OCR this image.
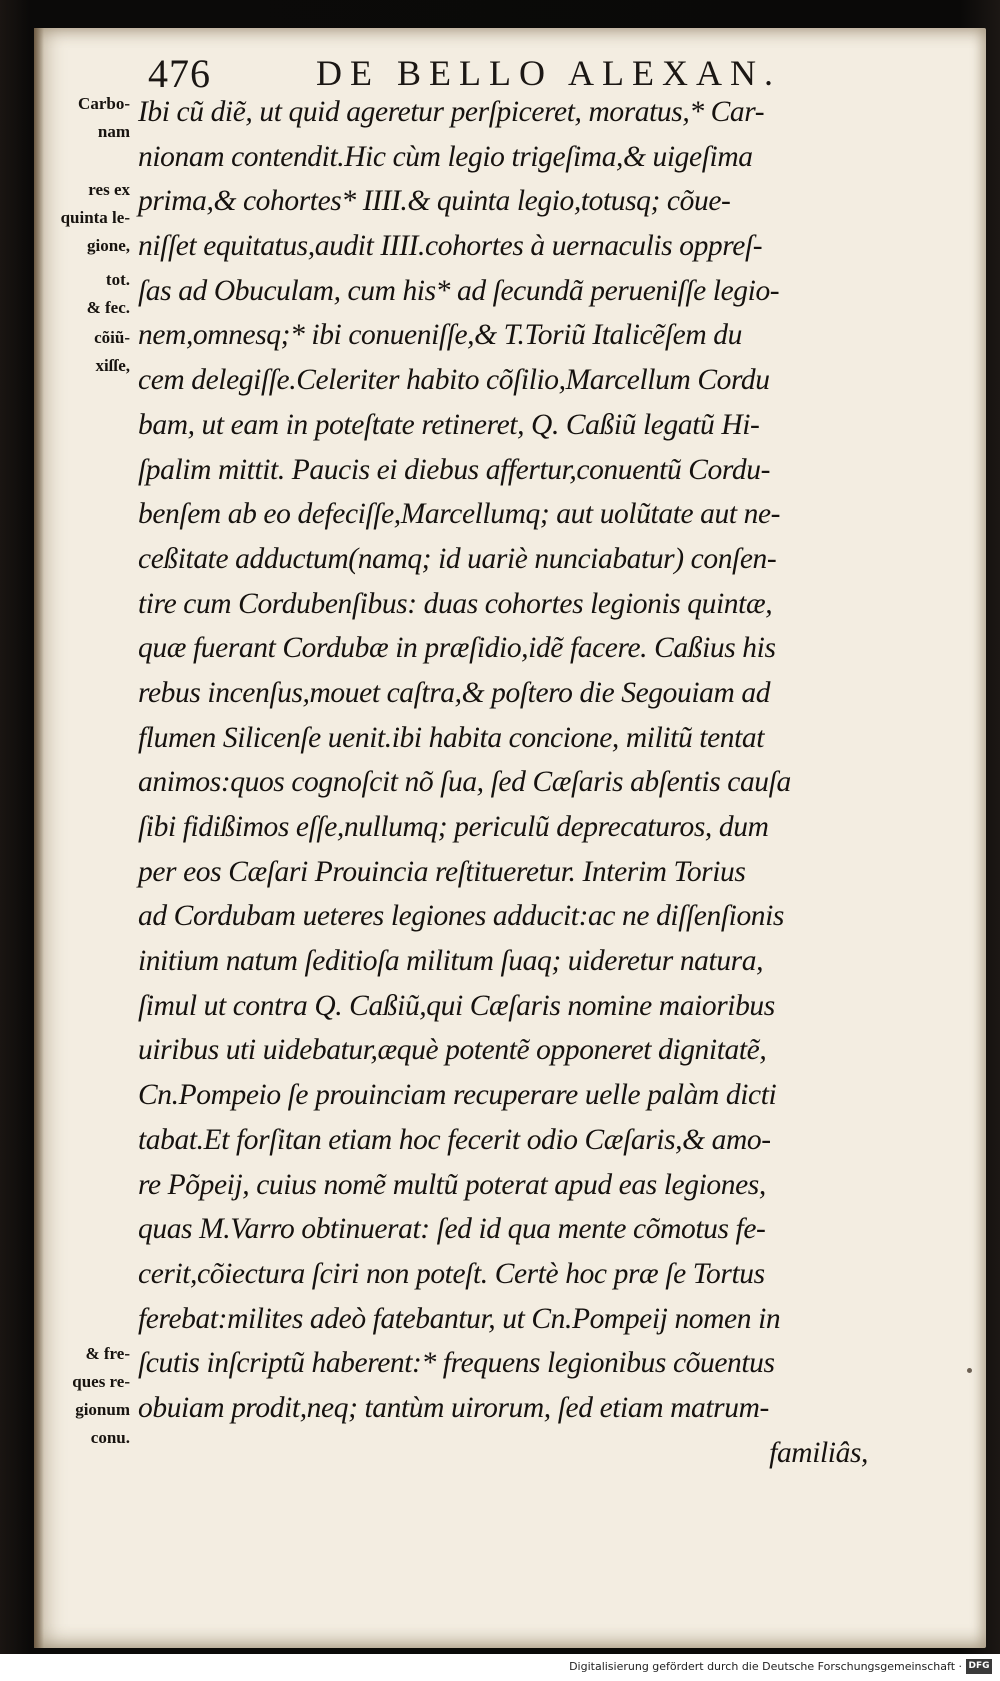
476	DE BELLO ALEXAN.
Carbo-
nam
res ex
quinta le-
gione,
tot.
& fec.
cõiũ-
xiſſe,
& fre-
ques re-
gionum
conu.
Ibi cũ diẽ, ut quid ageretur perſpiceret, moratus,* Car-
nionam contendit.Hic cùm legio trigeſima,& uigeſima
prima,& cohortes* IIII.& quinta legio,totusq; cõue-
niſſet equitatus,audit IIII.cohortes à uernaculis oppreſ-
ſas ad Obuculam, cum his* ad ſecundã perueniſſe legio-
nem,omnesq;* ibi conueniſſe,& T.Toriũ Italicẽſem du
cem delegiſſe.Celeriter habito cõſilio,Marcellum Cordu
bam, ut eam in poteſtate retineret, Q. Caßiũ legatũ Hi-
ſpalim mittit. Paucis ei diebus affertur,conuentũ Cordu-
benſem ab eo defeciſſe,Marcellumq; aut uolũtate aut ne-
ceßitate adductum(namq; id uariè nunciabatur) conſen-
tire cum Cordubenſibus: duas cohortes legionis quintæ,
quæ fuerant Cordubæ in præſidio,idẽ facere. Caßius his
rebus incenſus,mouet caſtra,& poſtero die Segouiam ad
flumen Silicenſe uenit.ibi habita concione, militũ tentat
animos:quos cognoſcit nõ ſua, ſed Cæſaris abſentis cauſa
ſibi fidißimos eſſe,nullumq; periculũ deprecaturos, dum
per eos Cæſari Prouincia reſtitueretur. Interim Torius
ad Cordubam ueteres legiones adducit:ac ne diſſenſionis
initium natum ſeditioſa militum ſuaq; uideretur natura,
ſimul ut contra Q. Caßiũ,qui Cæſaris nomine maioribus
uiribus uti uidebatur,æquè potentẽ opponeret dignitatẽ,
Cn.Pompeio ſe prouinciam recuperare uelle palàm dicti
tabat.Et forſitan etiam hoc fecerit odio Cæſaris,& amo-
re Põpeij, cuius nomẽ multũ poterat apud eas legiones,
quas M.Varro obtinuerat: ſed id qua mente cõmotus fe-
cerit,cõiectura ſciri non poteſt. Certè hoc præ ſe Tortus
ferebat:milites adeò fatebantur, ut Cn.Pompeij nomen in
ſcutis inſcriptũ haberent:* frequens legionibus cõuentus
obuiam prodit,neq; tantùm uirorum, ſed etiam matrum-
familiâs,
Digitalisierung gefördert durch die Deutsche Forschungsgemeinschaft · DFG
